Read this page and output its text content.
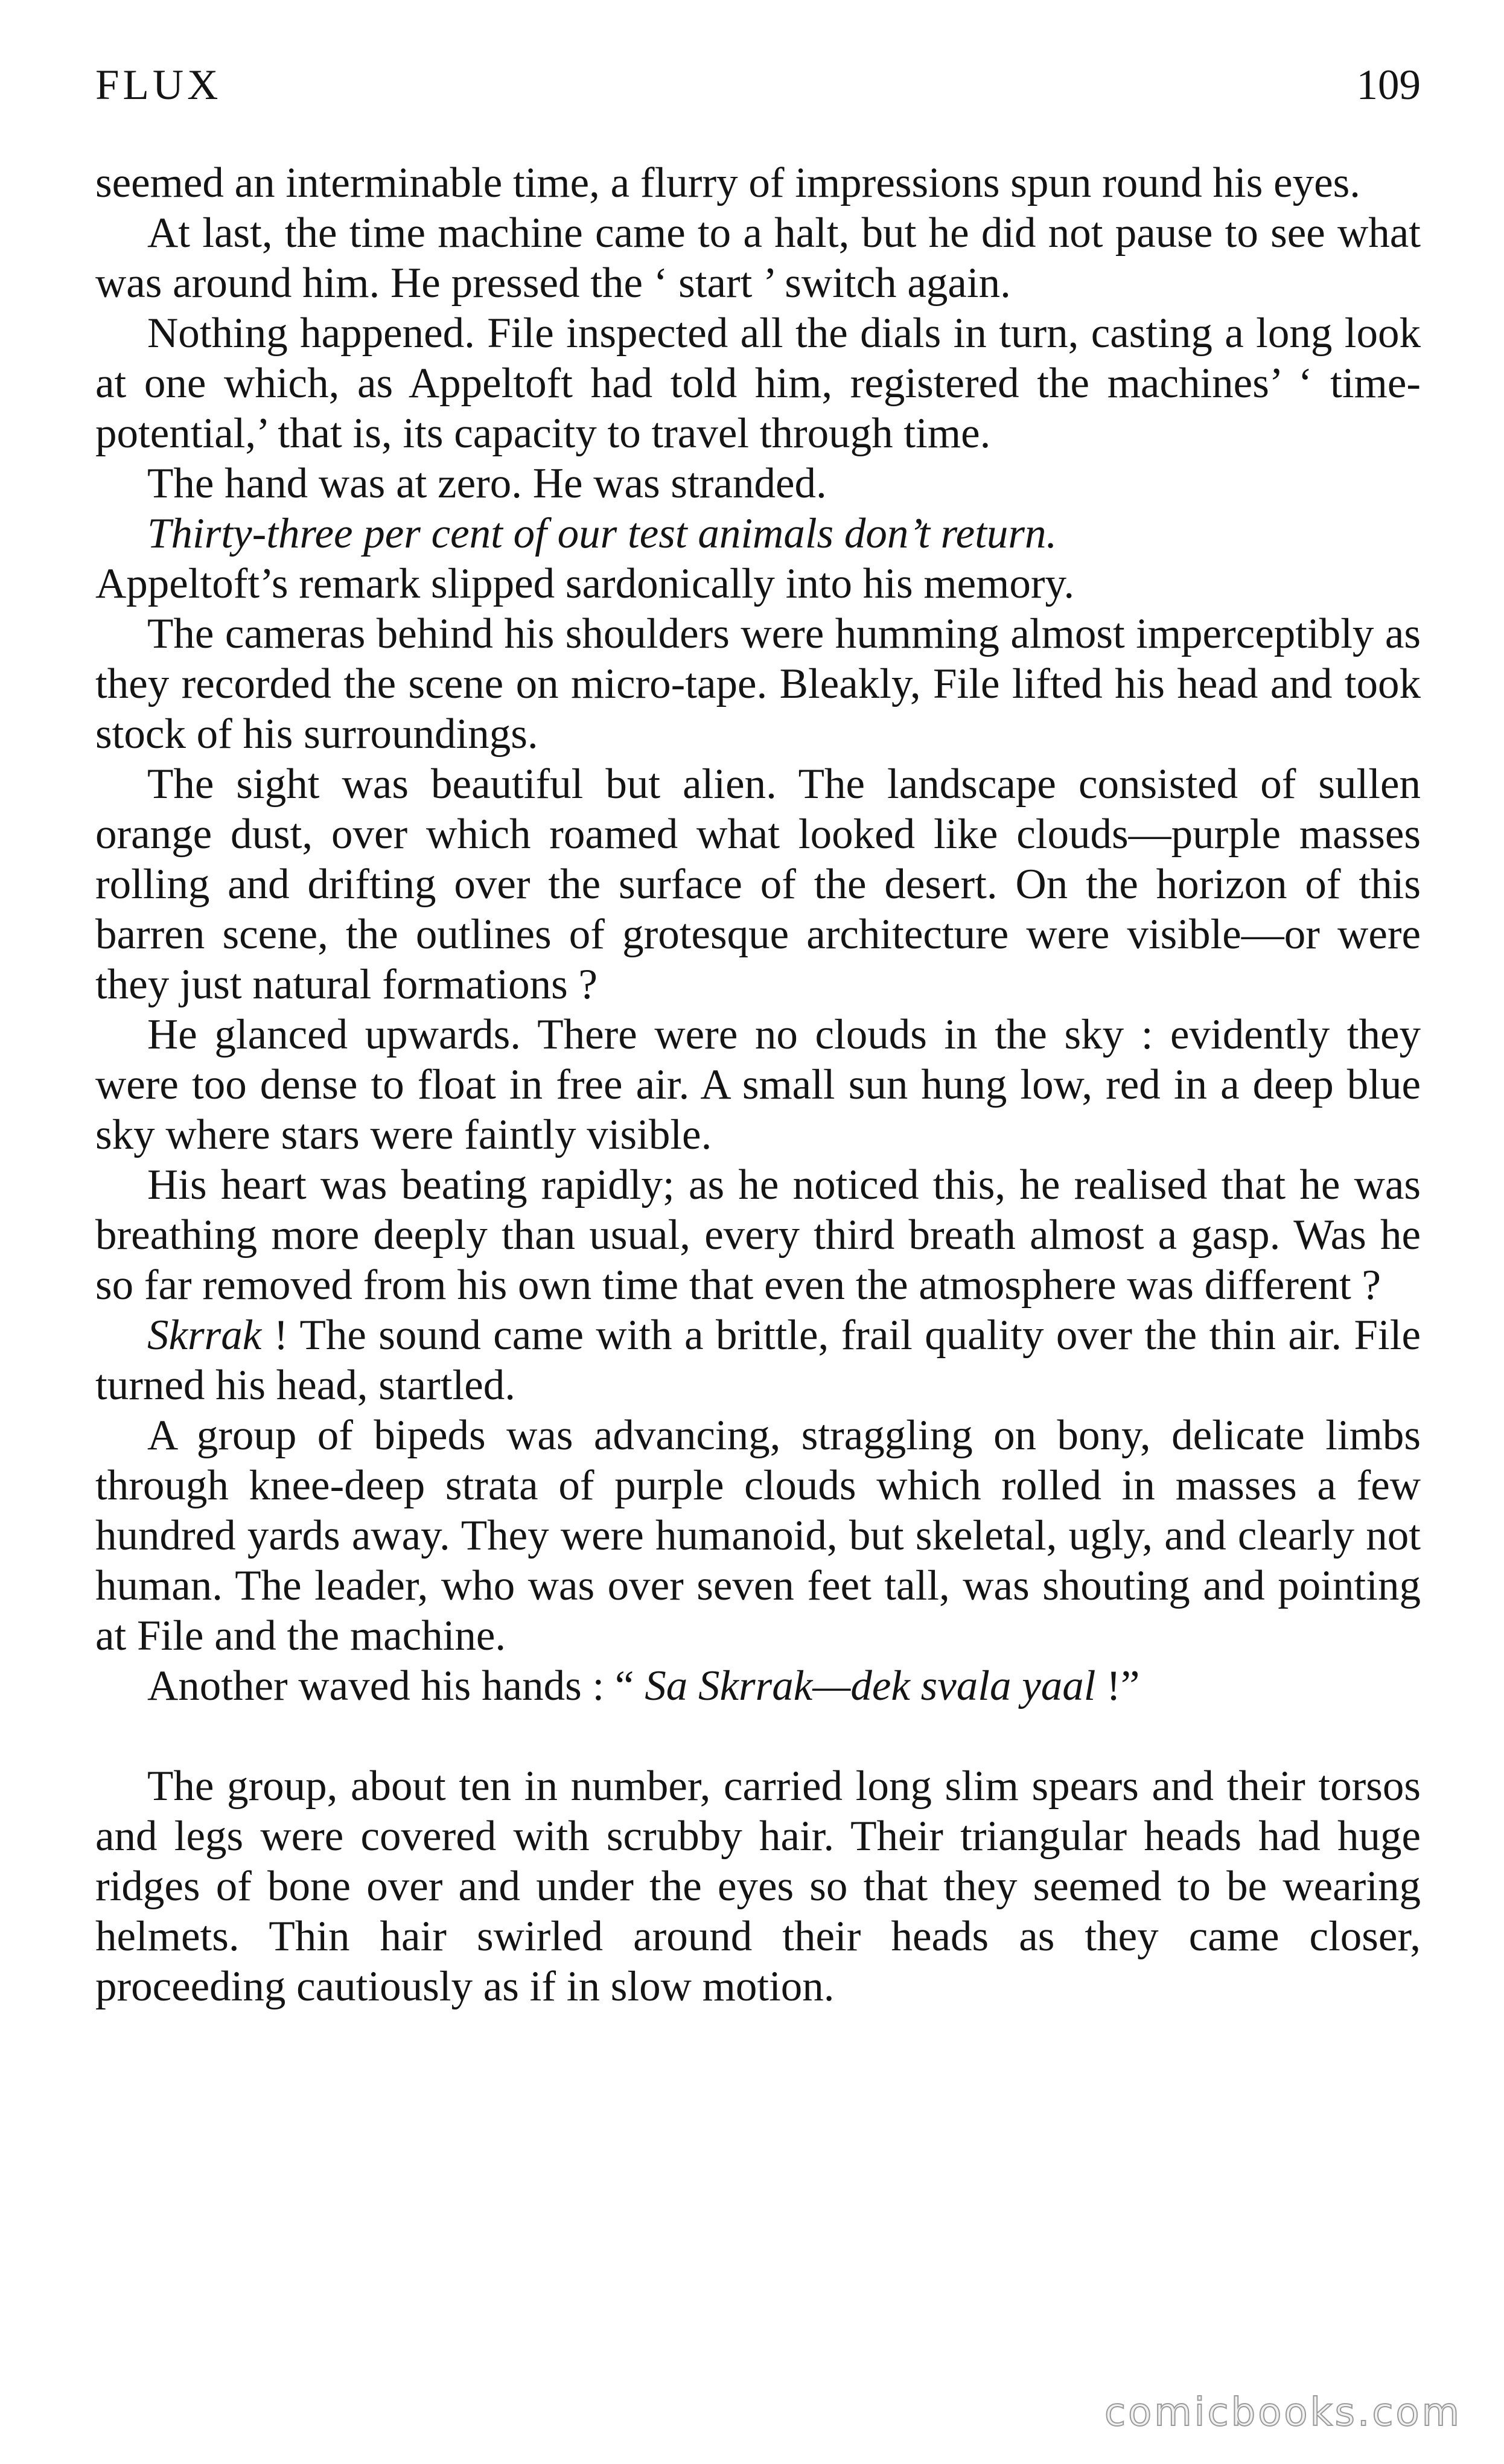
FLUX	109

seemed an interminable time, a flurry of impressions spun round his eyes.

At last, the time machine came to a halt, but he did not pause to see what was around him. He pressed the ‘ start ’ switch again.

Nothing happened. File inspected all the dials in turn, casting a long look at one which, as Appeltoft had told him, registered the machines’ ‘ time-potential,’ that is, its capacity to travel through time.

The hand was at zero. He was stranded.

Thirty-three per cent of our test animals don’t return.
Appeltoft’s remark slipped sardonically into his memory.

The cameras behind his shoulders were humming almost imperceptibly as they recorded the scene on micro-tape. Bleakly, File lifted his head and took stock of his surroundings.

The sight was beautiful but alien. The landscape consisted of sullen orange dust, over which roamed what looked like clouds—purple masses rolling and drifting over the surface of the desert. On the horizon of this barren scene, the outlines of grotesque architecture were visible—or were they just natural formations ?

He glanced upwards. There were no clouds in the sky : evidently they were too dense to float in free air. A small sun hung low, red in a deep blue sky where stars were faintly visible.

His heart was beating rapidly; as he noticed this, he realised that he was breathing more deeply than usual, every third breath almost a gasp. Was he so far removed from his own time that even the atmosphere was different ?

Skrrak ! The sound came with a brittle, frail quality over the thin air. File turned his head, startled.

A group of bipeds was advancing, straggling on bony, delicate limbs through knee-deep strata of purple clouds which rolled in masses a few hundred yards away. They were humanoid, but skeletal, ugly, and clearly not human. The leader, who was over seven feet tall, was shouting and pointing at File and the machine.

Another waved his hands : “ Sa Skrrak—dek svala yaal !”

The group, about ten in number, carried long slim spears and their torsos and legs were covered with scrubby hair. Their triangular heads had huge ridges of bone over and under the eyes so that they seemed to be wearing helmets. Thin hair swirled around their heads as they came closer, proceeding cautiously as if in slow motion.

comicbooks.com
